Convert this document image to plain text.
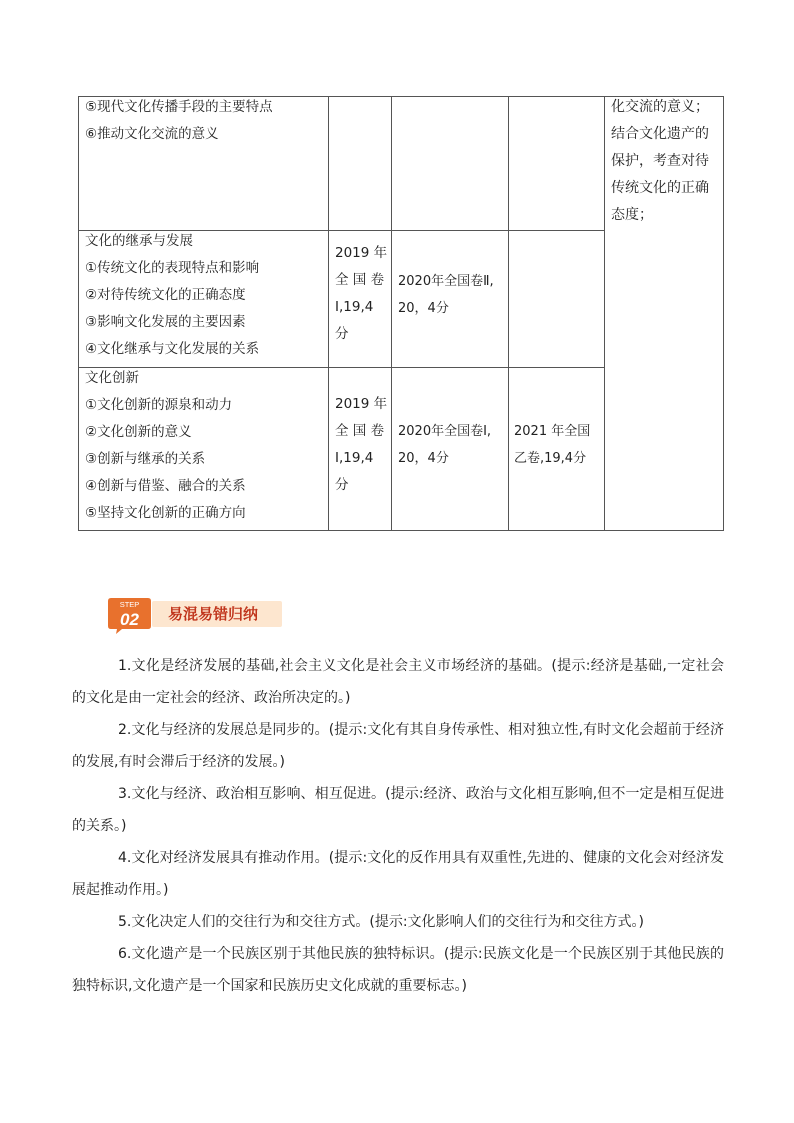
⑤现代文化传播手段的主要特点
⑥推动文化交流的意义
文化的继承与发展
①传统文化的表现特点和影响
②对待传统文化的正确态度
③影响文化发展的主要因素
④文化继承与文化发展的关系
2019 年
全 国 卷
Ⅰ,19,4
分
2020年全国卷Ⅱ,
20，4分
文化创新
①文化创新的源泉和动力
②文化创新的意义
③创新与继承的关系
④创新与借鉴、融合的关系
⑤坚持文化创新的正确方向
2019 年
全 国 卷
Ⅰ,19,4
分
2020年全国卷Ⅰ,
20，4分
2021 年全国
乙卷,19,4分
化交流的意义；
结合文化遗产的
保护，考查对待
传统文化的正确
态度；
STEP
02 易混易错归纳

1.文化是经济发展的基础,社会主义文化是社会主义市场经济的基础。(提示:经济是基础,一定社会的文化是由一定社会的经济、政治所决定的。)

2.文化与经济的发展总是同步的。(提示:文化有其自身传承性、相对独立性,有时文化会超前于经济的发展,有时会滞后于经济的发展。)

3.文化与经济、政治相互影响、相互促进。(提示:经济、政治与文化相互影响,但不一定是相互促进的关系。)

4.文化对经济发展具有推动作用。(提示:文化的反作用具有双重性,先进的、健康的文化会对经济发展起推动作用。)

5.文化决定人们的交往行为和交往方式。(提示:文化影响人们的交往行为和交往方式。)

6.文化遗产是一个民族区别于其他民族的独特标识。(提示:民族文化是一个民族区别于其他民族的独特标识,文化遗产是一个国家和民族历史文化成就的重要标志。)
